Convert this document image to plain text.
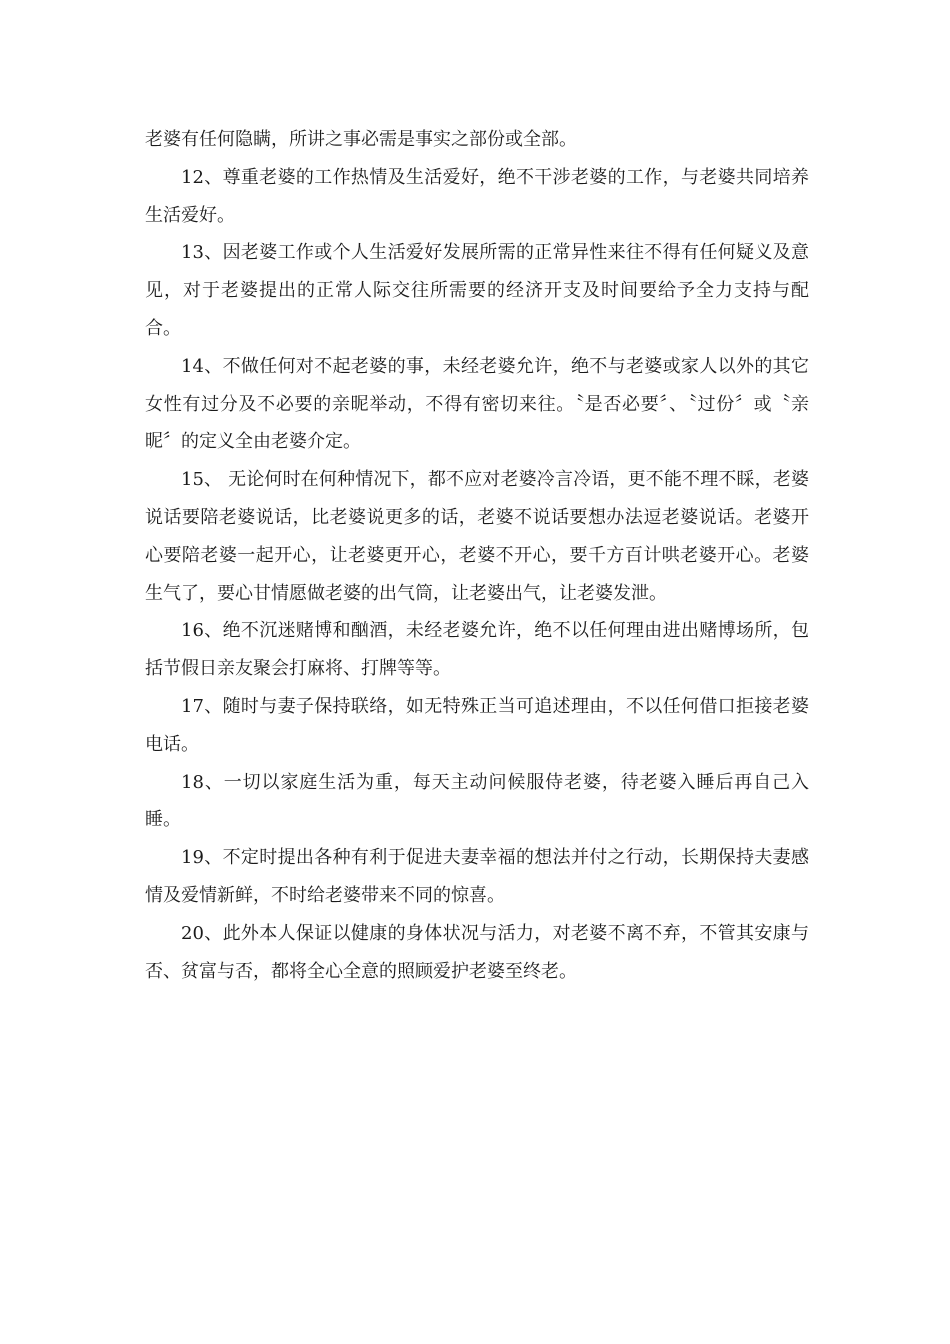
老婆有任何隐瞒，所讲之事必需是事实之部份或全部。

12、尊重老婆的工作热情及生活爱好，绝不干涉老婆的工作，与老婆共同培养生活爱好。

13、因老婆工作或个人生活爱好发展所需的正常异性来往不得有任何疑义及意见，对于老婆提出的正常人际交往所需要的经济开支及时间要给予全力支持与配合。

14、不做任何对不起老婆的事，未经老婆允许，绝不与老婆或家人以外的其它女性有过分及不必要的亲昵举动，不得有密切来往。〝是否必要〞、〝过份〞或〝亲昵〞的定义全由老婆介定。

15、 无论何时在何种情况下，都不应对老婆冷言冷语，更不能不理不睬，老婆说话要陪老婆说话，比老婆说更多的话，老婆不说话要想办法逗老婆说话。老婆开心要陪老婆一起开心，让老婆更开心，老婆不开心，要千方百计哄老婆开心。老婆生气了，要心甘情愿做老婆的出气筒，让老婆出气，让老婆发泄。

16、绝不沉迷赌博和酗酒，未经老婆允许，绝不以任何理由进出赌博场所，包括节假日亲友聚会打麻将、打牌等等。

17、随时与妻子保持联络，如无特殊正当可追述理由，不以任何借口拒接老婆电话。

18、一切以家庭生活为重，每天主动问候服侍老婆，待老婆入睡后再自己入睡。

19、不定时提出各种有利于促进夫妻幸福的想法并付之行动，长期保持夫妻感情及爱情新鲜，不时给老婆带来不同的惊喜。

20、此外本人保证以健康的身体状况与活力，对老婆不离不弃，不管其安康与否、贫富与否，都将全心全意的照顾爱护老婆至终老。
